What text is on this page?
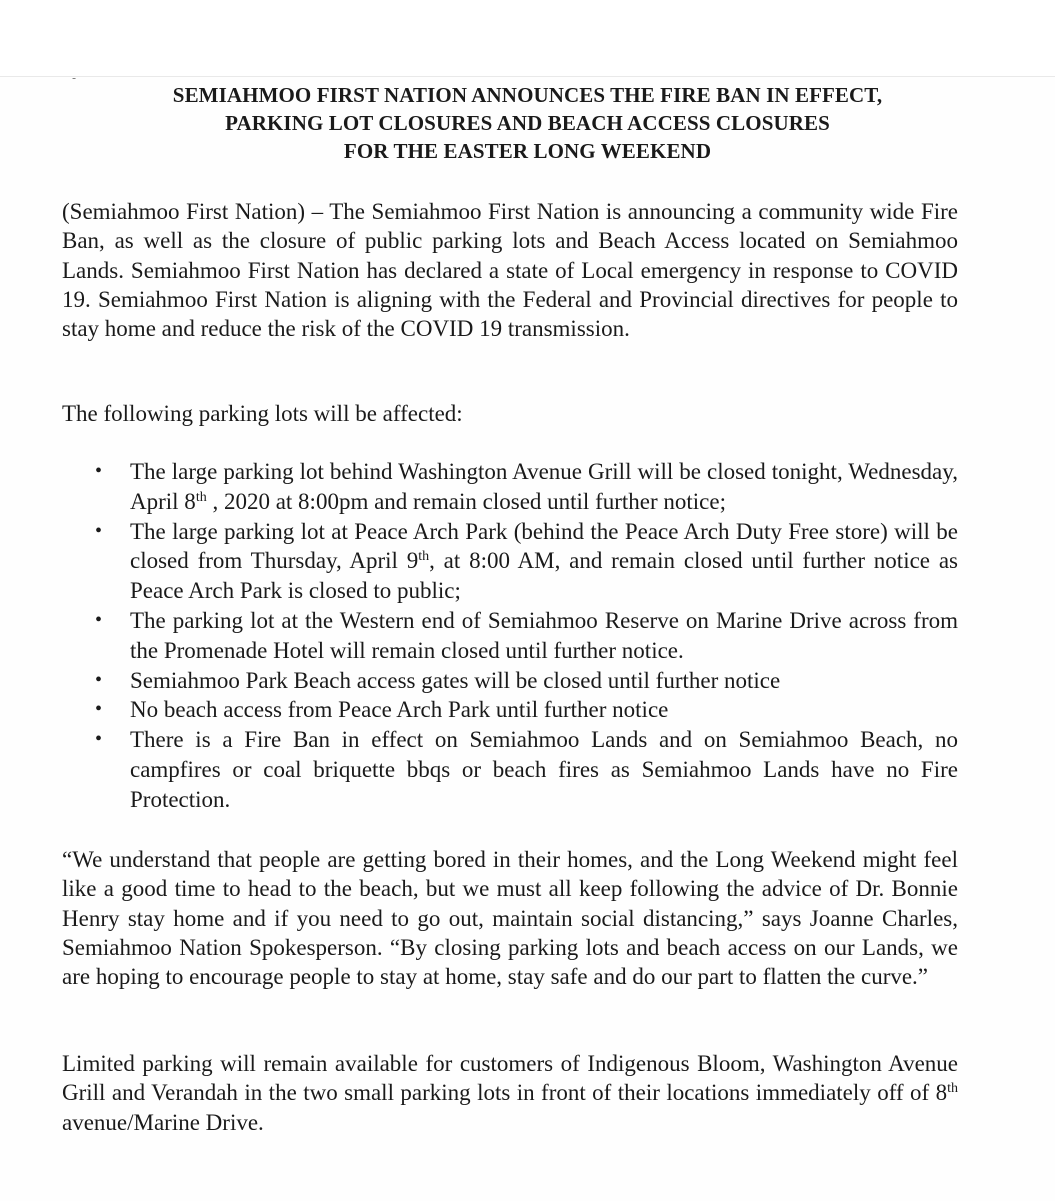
-
SEMIAHMOO FIRST NATION ANNOUNCES THE FIRE BAN IN EFFECT,
PARKING LOT CLOSURES AND BEACH ACCESS CLOSURES
FOR THE EASTER LONG WEEKEND

(Semiahmoo First Nation) – The Semiahmoo First Nation is announcing a community wide Fire Ban, as well as the closure of public parking lots and Beach Access located on Semiahmoo Lands. Semiahmoo First Nation has declared a state of Local emergency in response to COVID 19. Semiahmoo First Nation is aligning with the Federal and Provincial directives for people to stay home and reduce the risk of the COVID 19 transmission.

The following parking lots will be affected:

• The large parking lot behind Washington Avenue Grill will be closed tonight, Wednesday, April 8th , 2020 at 8:00pm and remain closed until further notice;
• The large parking lot at Peace Arch Park (behind the Peace Arch Duty Free store) will be closed from Thursday, April 9th, at 8:00 AM, and remain closed until further notice as Peace Arch Park is closed to public;
• The parking lot at the Western end of Semiahmoo Reserve on Marine Drive across from the Promenade Hotel will remain closed until further notice.
• Semiahmoo Park Beach access gates will be closed until further notice
• No beach access from Peace Arch Park until further notice
• There is a Fire Ban in effect on Semiahmoo Lands and on Semiahmoo Beach, no campfires or coal briquette bbqs or beach fires as Semiahmoo Lands have no Fire Protection.

“We understand that people are getting bored in their homes, and the Long Weekend might feel like a good time to head to the beach, but we must all keep following the advice of Dr. Bonnie Henry stay home and if you need to go out, maintain social distancing,” says Joanne Charles, Semiahmoo Nation Spokesperson. “By closing parking lots and beach access on our Lands, we are hoping to encourage people to stay at home, stay safe and do our part to flatten the curve.”

Limited parking will remain available for customers of Indigenous Bloom, Washington Avenue Grill and Verandah in the two small parking lots in front of their locations immediately off of 8th avenue/Marine Drive.
